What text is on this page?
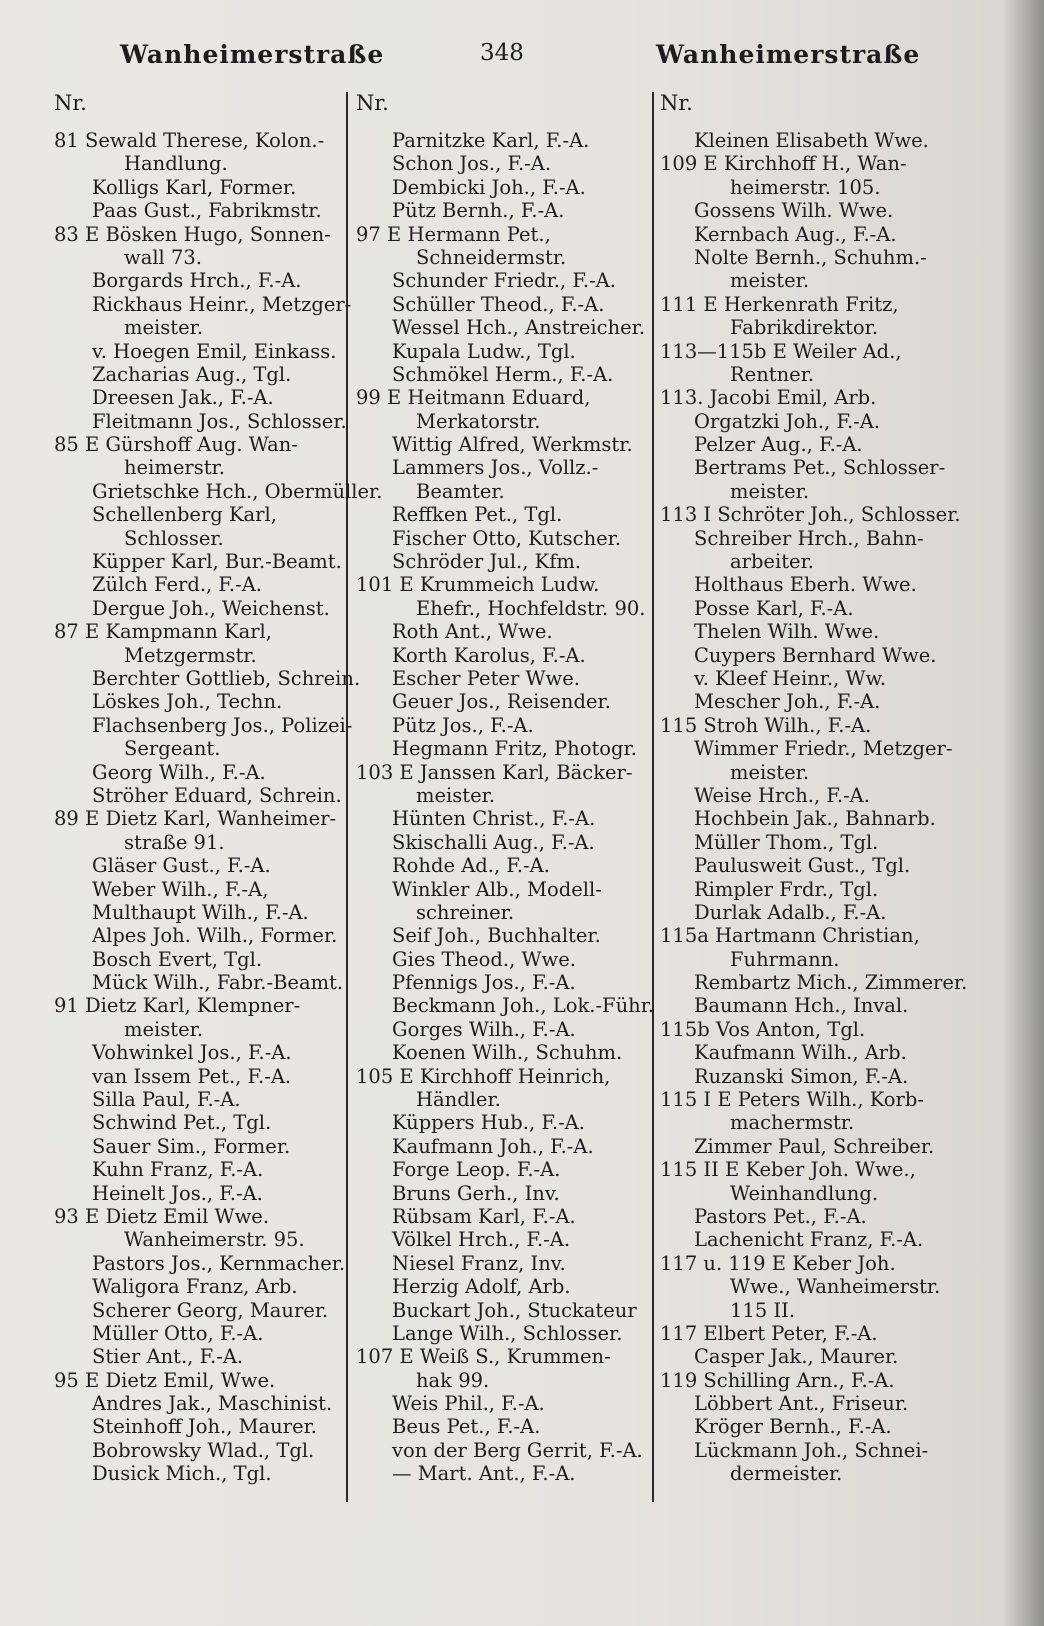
Wanheimerstraße	348	Wanheimerstraße
Nr.
81 Sewald Therese, Kolon.-
Handlung.
Kolligs Karl, Former.
Paas Gust., Fabrikmstr.
83 E Bösken Hugo, Sonnen-
wall 73.
Borgards Hrch., F.-A.
Rickhaus Heinr., Metzger-
meister.
v. Hoegen Emil, Einkass.
Zacharias Aug., Tgl.
Dreesen Jak., F.-A.
Fleitmann Jos., Schlosser.
85 E Gürshoff Aug. Wan-
heimerstr.
Grietschke Hch., Obermüller.
Schellenberg Karl,
Schlosser.
Küpper Karl, Bur.-Beamt.
Zülch Ferd., F.-A.
Dergue Joh., Weichenst.
87 E Kampmann Karl,
Metzgermstr.
Berchter Gottlieb, Schrein.
Löskes Joh., Techn.
Flachsenberg Jos., Polizei-
Sergeant.
Georg Wilh., F.-A.
Ströher Eduard, Schrein.
89 E Dietz Karl, Wanheimer-
straße 91.
Gläser Gust., F.-A.
Weber Wilh., F.-A,
Multhaupt Wilh., F.-A.
Alpes Joh. Wilh., Former.
Bosch Evert, Tgl.
Mück Wilh., Fabr.-Beamt.
91 Dietz Karl, Klempner-
meister.
Vohwinkel Jos., F.-A.
van Issem Pet., F.-A.
Silla Paul, F.-A.
Schwind Pet., Tgl.
Sauer Sim., Former.
Kuhn Franz, F.-A.
Heinelt Jos., F.-A.
93 E Dietz Emil Wwe.
Wanheimerstr. 95.
Pastors Jos., Kernmacher.
Waligora Franz, Arb.
Scherer Georg, Maurer.
Müller Otto, F.-A.
Stier Ant., F.-A.
95 E Dietz Emil, Wwe.
Andres Jak., Maschinist.
Steinhoff Joh., Maurer.
Bobrowsky Wlad., Tgl.
Dusick Mich., Tgl.
Nr.
Parnitzke Karl, F.-A.
Schon Jos., F.-A.
Dembicki Joh., F.-A.
Pütz Bernh., F.-A.
97 E Hermann Pet.,
Schneidermstr.
Schunder Friedr., F.-A.
Schüller Theod., F.-A.
Wessel Hch., Anstreicher.
Kupala Ludw., Tgl.
Schmökel Herm., F.-A.
99 E Heitmann Eduard,
Merkatorstr.
Wittig Alfred, Werkmstr.
Lammers Jos., Vollz.-
Beamter.
Reffken Pet., Tgl.
Fischer Otto, Kutscher.
Schröder Jul., Kfm.
101 E Krummeich Ludw.
Ehefr., Hochfeldstr. 90.
Roth Ant., Wwe.
Korth Karolus, F.-A.
Escher Peter Wwe.
Geuer Jos., Reisender.
Pütz Jos., F.-A.
Hegmann Fritz, Photogr.
103 E Janssen Karl, Bäcker-
meister.
Hünten Christ., F.-A.
Skischalli Aug., F.-A.
Rohde Ad., F.-A.
Winkler Alb., Modell-
schreiner.
Seif Joh., Buchhalter.
Gies Theod., Wwe.
Pfennigs Jos., F.-A.
Beckmann Joh., Lok.-Führ.
Gorges Wilh., F.-A.
Koenen Wilh., Schuhm.
105 E Kirchhoff Heinrich,
Händler.
Küppers Hub., F.-A.
Kaufmann Joh., F.-A.
Forge Leop. F.-A.
Bruns Gerh., Inv.
Rübsam Karl, F.-A.
Völkel Hrch., F.-A.
Niesel Franz, Inv.
Herzig Adolf, Arb.
Buckart Joh., Stuckateur
Lange Wilh., Schlosser.
107 E Weiß S., Krummen-
hak 99.
Weis Phil., F.-A.
Beus Pet., F.-A.
von der Berg Gerrit, F.-A.
— Mart. Ant., F.-A.
Nr.
Kleinen Elisabeth Wwe.
109 E Kirchhoff H., Wan-
heimerstr. 105.
Gossens Wilh. Wwe.
Kernbach Aug., F.-A.
Nolte Bernh., Schuhm.-
meister.
111 E Herkenrath Fritz,
Fabrikdirektor.
113—115b E Weiler Ad.,
Rentner.
113. Jacobi Emil, Arb.
Orgatzki Joh., F.-A.
Pelzer Aug., F.-A.
Bertrams Pet., Schlosser-
meister.
113 I Schröter Joh., Schlosser.
Schreiber Hrch., Bahn-
arbeiter.
Holthaus Eberh. Wwe.
Posse Karl, F.-A.
Thelen Wilh. Wwe.
Cuypers Bernhard Wwe.
v. Kleef Heinr., Ww.
Mescher Joh., F.-A.
115 Stroh Wilh., F.-A.
Wimmer Friedr., Metzger-
meister.
Weise Hrch., F.-A.
Hochbein Jak., Bahnarb.
Müller Thom., Tgl.
Paulusweit Gust., Tgl.
Rimpler Frdr., Tgl.
Durlak Adalb., F.-A.
115a Hartmann Christian,
Fuhrmann.
Rembartz Mich., Zimmerer.
Baumann Hch., Inval.
115b Vos Anton, Tgl.
Kaufmann Wilh., Arb.
Ruzanski Simon, F.-A.
115 I E Peters Wilh., Korb-
machermstr.
Zimmer Paul, Schreiber.
115 II E Keber Joh. Wwe.,
Weinhandlung.
Pastors Pet., F.-A.
Lachenicht Franz, F.-A.
117 u. 119 E Keber Joh.
Wwe., Wanheimerstr.
115 II.
117 Elbert Peter, F.-A.
Casper Jak., Maurer.
119 Schilling Arn., F.-A.
Löbbert Ant., Friseur.
Kröger Bernh., F.-A.
Lückmann Joh., Schnei-
dermeister.
